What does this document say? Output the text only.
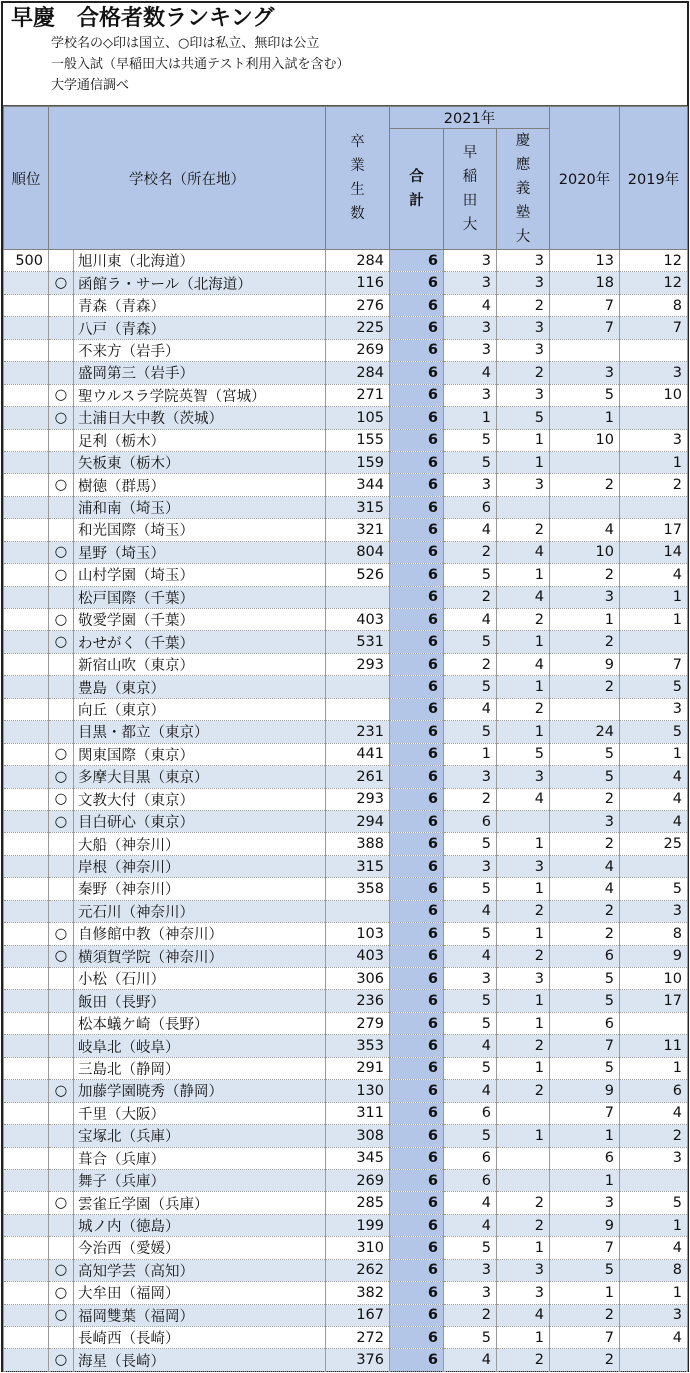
早慶　合格者数ランキング
学校名の◇印は国立、○印は私立、無印は公立
一般入試（早稲田大は共通テスト利用入試を含む）
大学通信調べ
順位	学校名（所在地）		卒
業
生
数	2021年			2020年	2019年

				合
計	早
稲
田
大	慶
應
義
塾
大		

500		旭川東（北海道）	284	6	3	3	13	12
	○	函館ラ・サール（北海道）	116	6	3	3	18	12
		青森（青森）	276	6	4	2	7	8
		八戸（青森）	225	6	3	3	7	7
		不来方（岩手）	269	6	3	3		
		盛岡第三（岩手）	284	6	4	2	3	3
	○	聖ウルスラ学院英智（宮城）	271	6	3	3	5	10
	○	土浦日大中教（茨城）	105	6	1	5	1	
		足利（栃木）	155	6	5	1	10	3
		矢板東（栃木）	159	6	5	1		1
	○	樹徳（群馬）	344	6	3	3	2	2
		浦和南（埼玉）	315	6	6			
		和光国際（埼玉）	321	6	4	2	4	17
	○	星野（埼玉）	804	6	2	4	10	14
	○	山村学園（埼玉）	526	6	5	1	2	4
		松戸国際（千葉）		6	2	4	3	1
	○	敬愛学園（千葉）	403	6	4	2	1	1
	○	わせがく（千葉）	531	6	5	1	2	
		新宿山吹（東京）	293	6	2	4	9	7
		豊島（東京）		6	5	1	2	5
		向丘（東京）		6	4	2		3
		目黒・都立（東京）	231	6	5	1	24	5
	○	関東国際（東京）	441	6	1	5	5	1
	○	多摩大目黒（東京）	261	6	3	3	5	4
	○	文教大付（東京）	293	6	2	4	2	4
	○	目白研心（東京）	294	6	6		3	4
		大船（神奈川）	388	6	5	1	2	25
		岸根（神奈川）	315	6	3	3	4	
		秦野（神奈川）	358	6	5	1	4	5
		元石川（神奈川）		6	4	2	2	3
	○	自修館中教（神奈川）	103	6	5	1	2	8
	○	横須賀学院（神奈川）	403	6	4	2	6	9
		小松（石川）	306	6	3	3	5	10
		飯田（長野）	236	6	5	1	5	17
		松本蟻ケ崎（長野）	279	6	5	1	6	
		岐阜北（岐阜）	353	6	4	2	7	11
		三島北（静岡）	291	6	5	1	5	1
	○	加藤学園暁秀（静岡）	130	6	4	2	9	6
		千里（大阪）	311	6	6		7	4
		宝塚北（兵庫）	308	6	5	1	1	2
		葺合（兵庫）	345	6	6		6	3
		舞子（兵庫）	269	6	6		1	
	○	雲雀丘学園（兵庫）	285	6	4	2	3	5
		城ノ内（徳島）	199	6	4	2	9	1
		今治西（愛媛）	310	6	5	1	7	4
	○	高知学芸（高知）	262	6	3	3	5	8
	○	大牟田（福岡）	382	6	3	3	1	1
	○	福岡雙葉（福岡）	167	6	2	4	2	3
		長崎西（長崎）	272	6	5	1	7	4
	○	海星（長崎）	376	6	4	2	2	
